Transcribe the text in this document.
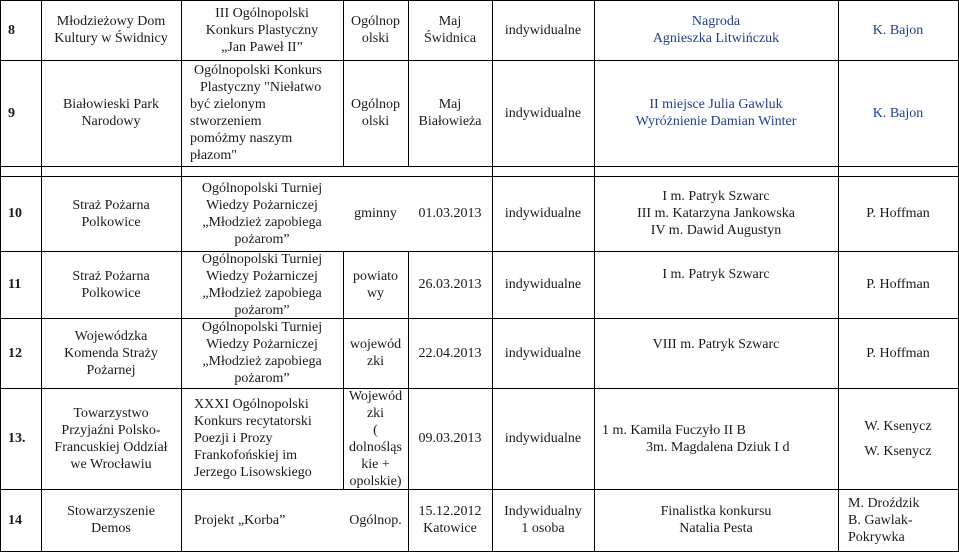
8
Młodzieżowy Dom
Kultury w Świdnicy
III Ogólnopolski
Konkurs Plastyczny
„Jan Paweł II”
Ogólnop
olski
Maj
Świdnica
indywidualne
Nagroda
Agnieszka Litwińczuk
K. Bajon
9
Białowieski Park
Narodowy
Ogólnopolski Konkurs
Plastyczny "Niełatwo
być zielonym
stworzeniem
pomóżmy naszym
płazom"
Ogólnop
olski
Maj
Białowieża
indywidualne
II miejsce Julia Gawluk
Wyróżnienie Damian Winter
K. Bajon
10
Straż Pożarna
Polkowice
Ogólnopolski Turniej
Wiedzy Pożarniczej
„Młodzież zapobiega
pożarom”
gminny 01.03.2013 indywidualne
I m. Patryk Szwarc
III m. Katarzyna Jankowska
IV m. Dawid Augustyn
P. Hoffman
11
Straż Pożarna
Polkowice
Ogólnopolski Turniej
Wiedzy Pożarniczej
„Młodzież zapobiega
pożarom”
powiato
wy
26.03.2013 indywidualne
I m. Patryk Szwarc
P. Hoffman
12
Wojewódzka
Komenda Straży
Pożarnej
Ogólnopolski Turniej
Wiedzy Pożarniczej
„Młodzież zapobiega
pożarom”
wojewód
zki
22.04.2013 indywidualne
VIII m. Patryk Szwarc
P. Hoffman
13.
Towarzystwo
Przyjaźni Polsko-
Francuskiej Oddział
we Wrocławiu
XXXI Ogólnopolski
Konkurs recytatorski
Poezji i Prozy
Frankofońskiej im
Jerzego Lisowskiego
Wojewód
zki
(
dolnośląs
kie +
opolskie)
09.03.2013 indywidualne
1 m. Kamila Fuczyło II B
3m. Magdalena Dziuk I d
W. Ksenycz
W. Ksenycz
14
Stowarzyszenie
Demos
Projekt „Korba”	Ogólnop.
15.12.2012
Katowice
Indywidualny
1 osoba
Finalistka konkursu
Natalia Pesta
M. Droździk
B. Gawlak-
Pokrywka
